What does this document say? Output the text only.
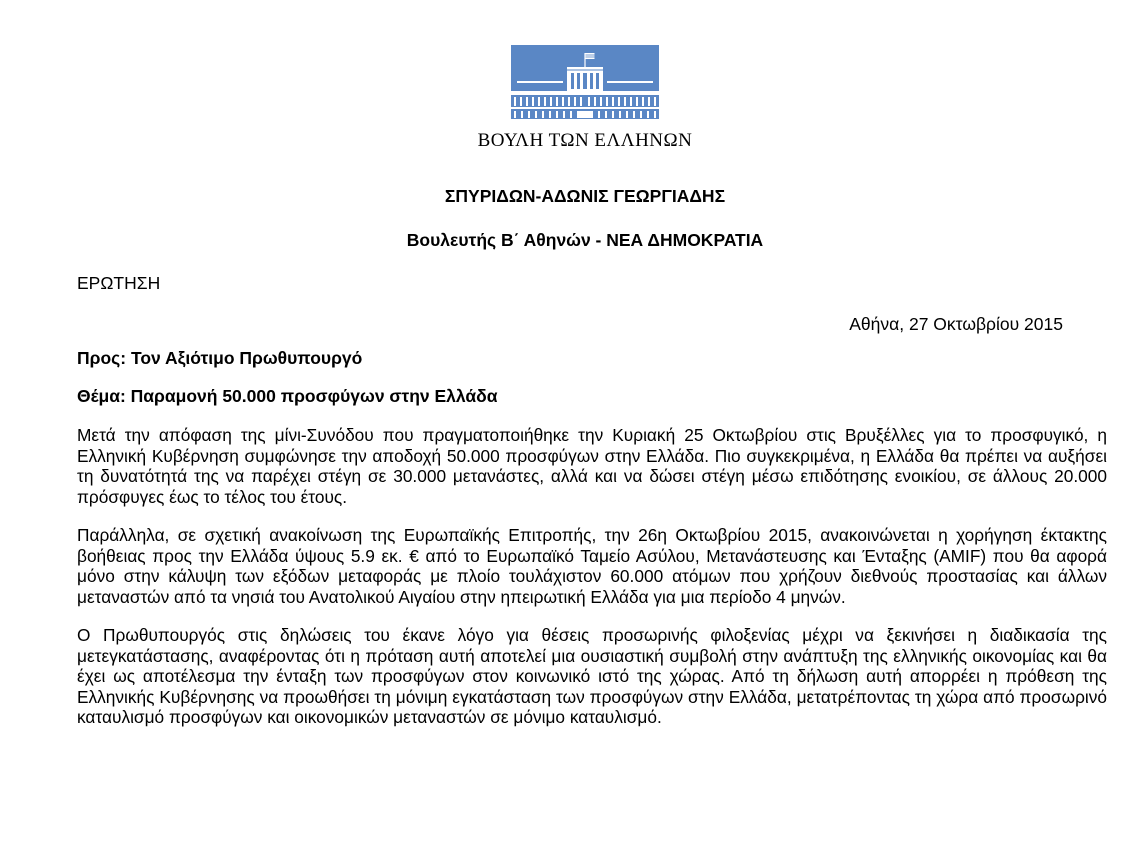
ΒΟΥΛΗ ΤΩΝ ΕΛΛΗΝΩΝ
ΣΠΥΡΙΔΩΝ-ΑΔΩΝΙΣ ΓΕΩΡΓΙΑΔΗΣ
Βουλευτής Β΄ Αθηνών - ΝΕΑ ΔΗΜΟΚΡΑΤΙΑ
ΕΡΩΤΗΣΗ
Αθήνα, 27 Οκτωβρίου 2015
Προς: Τον Αξιότιμο Πρωθυπουργό
Θέμα: Παραμονή 50.000 προσφύγων στην Ελλάδα

Μετά την απόφαση της μίνι-Συνόδου που πραγματοποιήθηκε την Κυριακή 25 Οκτωβρίου στις Βρυξέλλες για το προσφυγικό, η Ελληνική Κυβέρνηση συμφώνησε την αποδοχή 50.000 προσφύγων στην Ελλάδα. Πιο συγκεκριμένα, η Ελλάδα θα πρέπει να αυξήσει τη δυνατότητά της να παρέχει στέγη σε 30.000 μετανάστες, αλλά και να δώσει στέγη μέσω επιδότησης ενοικίου, σε άλλους 20.000 πρόσφυγες έως το τέλος του έτους.

Παράλληλα, σε σχετική ανακοίνωση της Ευρωπαϊκής Επιτροπής, την 26η Οκτωβρίου 2015, ανακοινώνεται η χορήγηση έκτακτης βοήθειας προς την Ελλάδα ύψους 5.9 εκ. € από το Ευρωπαϊκό Ταμείο Ασύλου, Μετανάστευσης και Ένταξης (AMIF) που θα αφορά μόνο στην κάλυψη των εξόδων μεταφοράς με πλοίο τουλάχιστον 60.000 ατόμων που χρήζουν διεθνούς προστασίας και άλλων μεταναστών από τα νησιά του Ανατολικού Αιγαίου στην ηπειρωτική Ελλάδα για μια περίοδο 4 μηνών.

Ο Πρωθυπουργός στις δηλώσεις του έκανε λόγο για θέσεις προσωρινής φιλοξενίας μέχρι να ξεκινήσει η διαδικασία της μετεγκατάστασης, αναφέροντας ότι η πρόταση αυτή αποτελεί μια ουσιαστική συμβολή στην ανάπτυξη της ελληνικής οικονομίας και θα έχει ως αποτέλεσμα την ένταξη των προσφύγων στον κοινωνικό ιστό της χώρας. Από τη δήλωση αυτή απορρέει η πρόθεση της Ελληνικής Κυβέρνησης να προωθήσει τη μόνιμη εγκατάσταση των προσφύγων στην Ελλάδα, μετατρέποντας τη χώρα από προσωρινό καταυλισμό προσφύγων και οικονομικών μεταναστών σε μόνιμο καταυλισμό.
